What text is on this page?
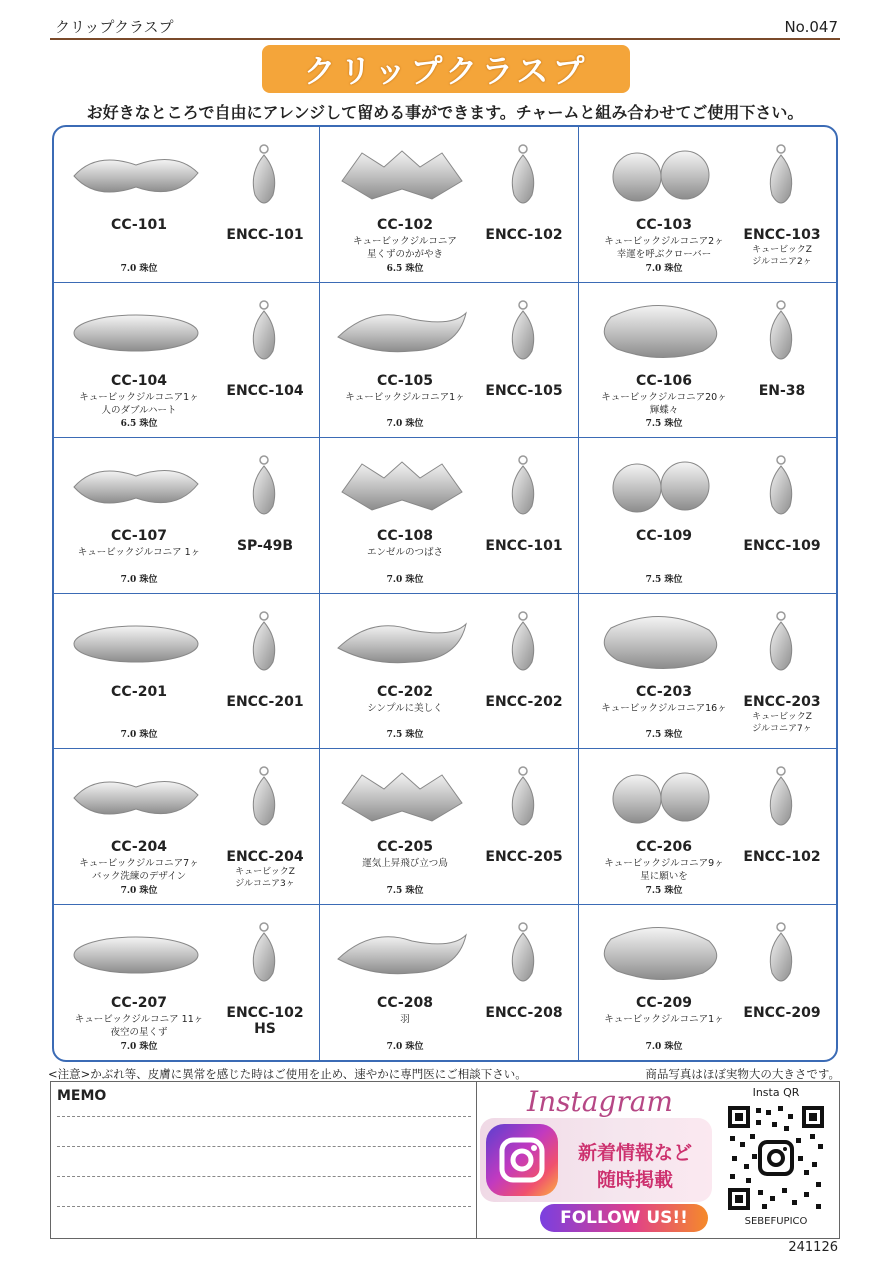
クリップクラスプ	No.047
クリップクラスプ
お好きなところで自由にアレンジして留める事ができます。チャームと組み合わせてご使用下さい。
CC-101
7.0 珠位
ENCC-101
CC-102
キュービックジルコニア
星くずのかがやき
6.5 珠位
ENCC-102
CC-103
キュービックジルコニア2ヶ
幸運を呼ぶクローバー
7.0 珠位
ENCC-103
キュービックZ
ジルコニア2ヶ
CC-104
キュービックジルコニア1ヶ
人のダブルハート
6.5 珠位
ENCC-104
CC-105
キュービックジルコニア1ヶ
7.0 珠位
ENCC-105
CC-106
キュービックジルコニア20ヶ
輝蝶々
7.5 珠位
EN-38
CC-107
キュービックジルコニア 1ヶ
7.0 珠位
SP-49B
CC-108
エンゼルのつばさ
7.0 珠位
ENCC-101
CC-109
7.5 珠位
ENCC-109
CC-201
7.0 珠位
ENCC-201
CC-202
シンプルに美しく
7.5 珠位
ENCC-202
CC-203
キュービックジルコニア16ヶ
7.5 珠位
ENCC-203
キュービックZ
ジルコニア7ヶ
CC-204
キュービックジルコニア7ヶ
バック洗練のデザイン
7.0 珠位
ENCC-204
キュービックZ
ジルコニア3ヶ
CC-205
運気上昇飛び立つ鳥
7.5 珠位
ENCC-205
CC-206
キュービックジルコニア9ヶ
星に願いを
7.5 珠位
ENCC-102
CC-207
キュービックジルコニア 11ヶ
夜空の星くず
7.0 珠位
ENCC-102 HS
CC-208
羽
7.0 珠位
ENCC-208
CC-209
キュービックジルコニア1ヶ
7.0 珠位
ENCC-209
<注意>かぶれ等、皮膚に異常を感じた時はご使用を止め、速やかに専門医にご相談下さい。	商品写真はほぼ実物大の大きさです。
MEMO	Instagram
新着情報など
随時掲載
FOLLOW US!!
Insta QR
SEBEFUPICO
241126
